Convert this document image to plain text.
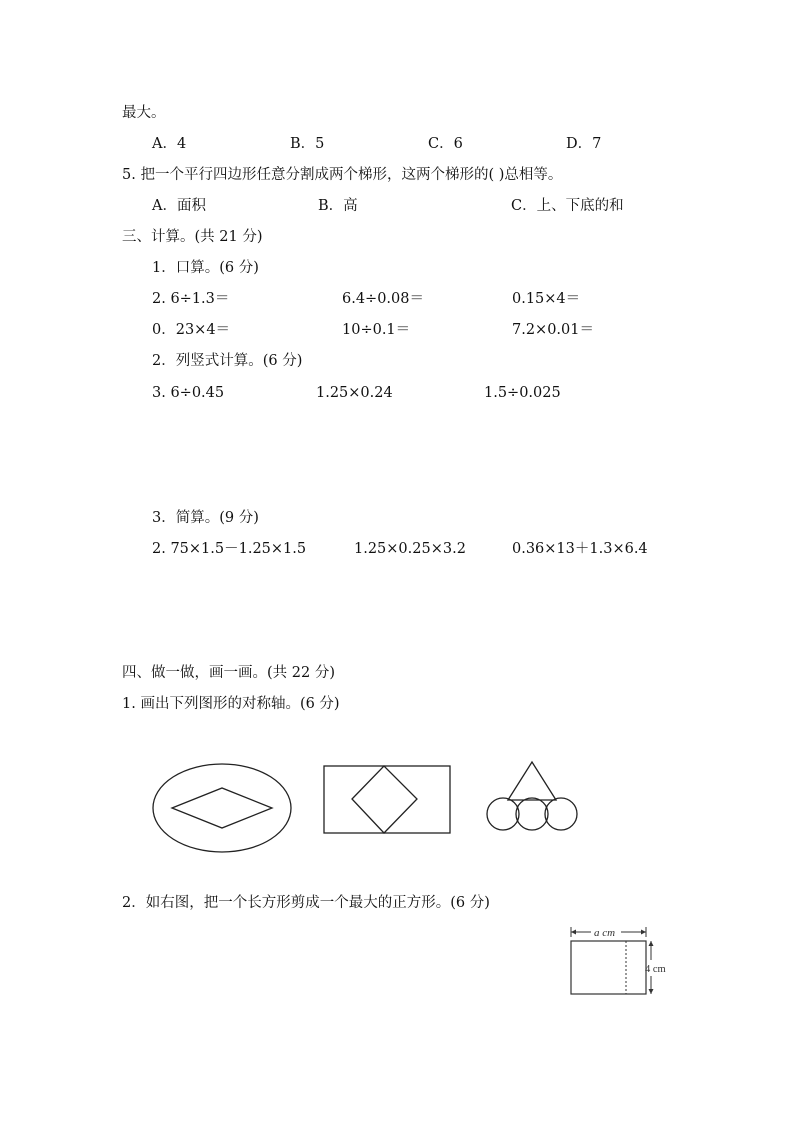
最大。
A．4	B．5	C．6	D．7
5. 把一个平行四边形任意分割成两个梯形，这两个梯形的( )总相等。
A．面积	B．高	C．上、下底的和
三、计算。(共 21 分)
1．口算。(6 分)
2. 6÷1.3＝	6.4÷0.08＝	0.15×4＝
0．23×4＝	10÷0.1＝	7.2×0.01＝
2．列竖式计算。(6 分)
3. 6÷0.45	1.25×0.24	1.5÷0.025
3．简算。(9 分)
2. 75×1.5－1.25×1.5	1.25×0.25×3.2	0.36×13＋1.3×6.4
四、做一做，画一画。(共 22 分)
1. 画出下列图形的对称轴。(6 分)
2．如右图，把一个长方形剪成一个最大的正方形。(6 分)
a cm
4 cm
